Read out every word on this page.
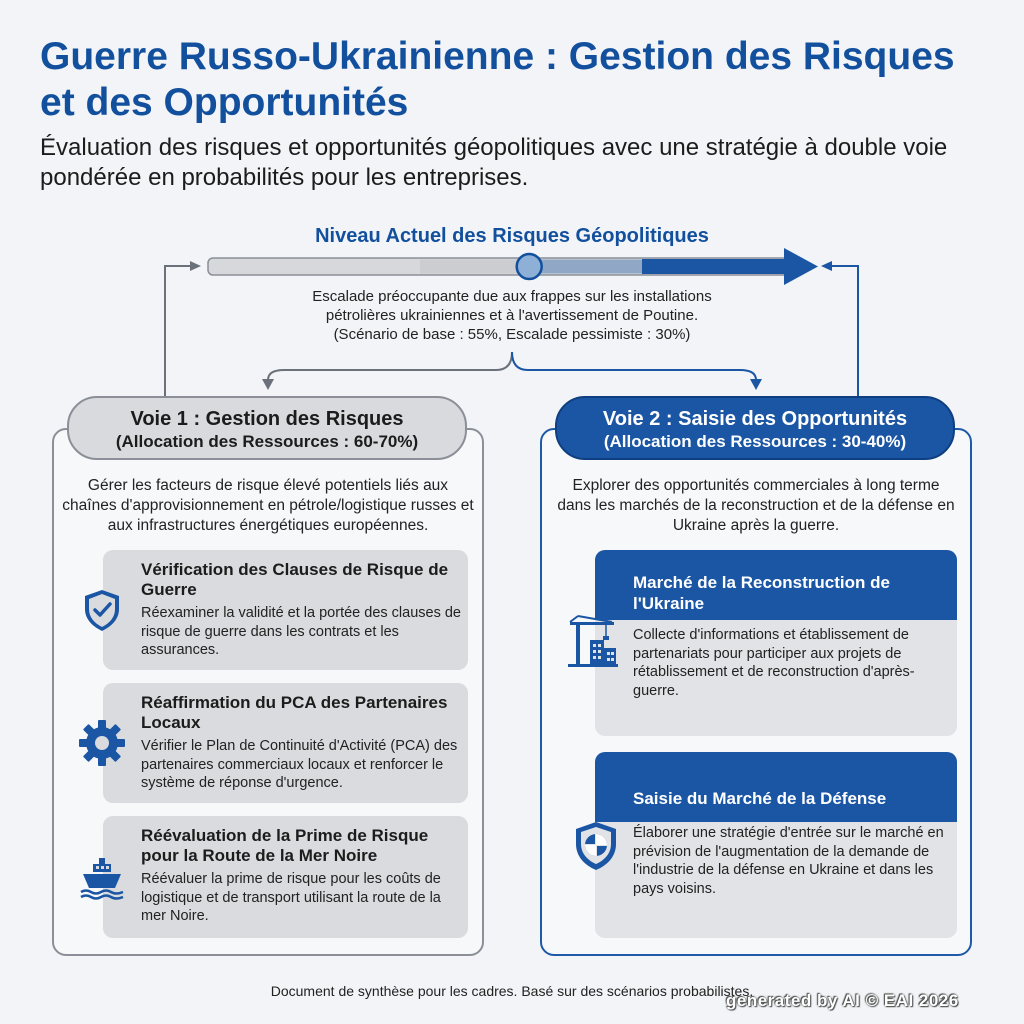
Guerre Russo-Ukrainienne : Gestion des Risques et des Opportunités
Évaluation des risques et opportunités géopolitiques avec une stratégie à double voie pondérée en probabilités pour les entreprises.
Niveau Actuel des Risques Géopolitiques
Escalade préoccupante due aux frappes sur les installations
pétrolières ukrainiennes et à l'avertissement de Poutine.
(Scénario de base : 55%, Escalade pessimiste : 30%)
Voie 1 : Gestion des Risques
(Allocation des Ressources : 60-70%)
Gérer les facteurs de risque élevé potentiels liés aux chaînes d'approvisionnement en pétrole/logistique russes et aux infrastructures énergétiques européennes.
Vérification des Clauses de Risque de Guerre
Réexaminer la validité et la portée des clauses de risque de guerre dans les contrats et les assurances.
Réaffirmation du PCA des Partenaires Locaux
Vérifier le Plan de Continuité d'Activité (PCA) des partenaires commerciaux locaux et renforcer le système de réponse d'urgence.
Réévaluation de la Prime de Risque pour la Route de la Mer Noire
Réévaluer la prime de risque pour les coûts de logistique et de transport utilisant la route de la mer Noire.
Voie 2 : Saisie des Opportunités
(Allocation des Ressources : 30-40%)
Explorer des opportunités commerciales à long terme dans les marchés de la reconstruction et de la défense en Ukraine après la guerre.
Marché de la Reconstruction de l'Ukraine
Collecte d'informations et établissement de partenariats pour participer aux projets de rétablissement et de reconstruction d'après-guerre.
Saisie du Marché de la Défense
Élaborer une stratégie d'entrée sur le marché en prévision de l'augmentation de la demande de l'industrie de la défense en Ukraine et dans les pays voisins.
Document de synthèse pour les cadres. Basé sur des scénarios probabilistes.
generated by AI © EAI 2026
